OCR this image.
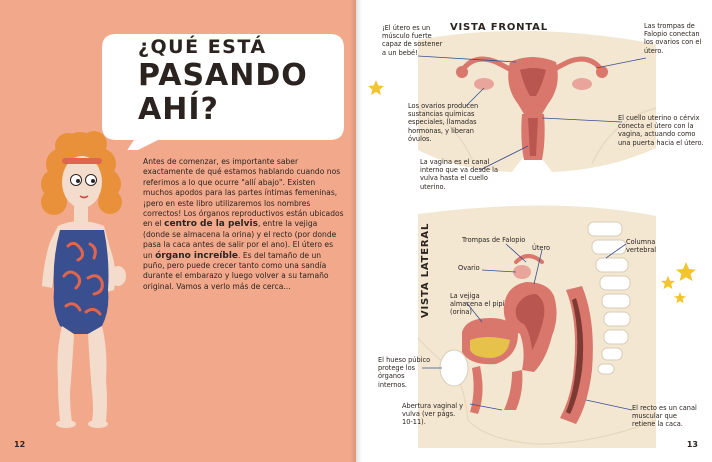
¿QUÉ ESTÁ
PASANDO
AHÍ?
Antes de comenzar, es importante saber exactamente de qué estamos hablando cuando nos referimos a lo que ocurre "allí abajo". Existen muchos apodos para las partes íntimas femeninas, ¡pero en este libro utilizaremos los nombres correctos! Los órganos reproductivos están ubicados en el centro de la pelvis, entre la vejiga (donde se almacena la orina) y el recto (por donde pasa la caca antes de salir por el ano). El útero es un órgano increíble. Es del tamaño de un puño, pero puede crecer tanto como una sandía durante el embarazo y luego volver a su tamaño original. Vamos a verlo más de cerca...
12
VISTA FRONTAL
VISTA LATERAL
¡El útero es un músculo fuerte capaz de sostener a un bebé!
Las trompas de Falopio conectan los ovarios con el útero.
Los ovarios producen sustancias químicas especiales, llamadas hormonas, y liberan óvulos.
El cuello uterino o cérvix conecta el útero con la vagina, actuando como una puerta hacia el útero.
La vagina es el canal interno que va desde la vulva hasta el cuello uterino.
Trompas de Falopio
Útero
Columna vertebral
Ovario
La vejiga almacena el pipí (orina)
El hueso púbico protege los órganos internos.
Abertura vaginal y vulva (ver págs. 10-11).
El recto es un canal muscular que retiene la caca.
13
